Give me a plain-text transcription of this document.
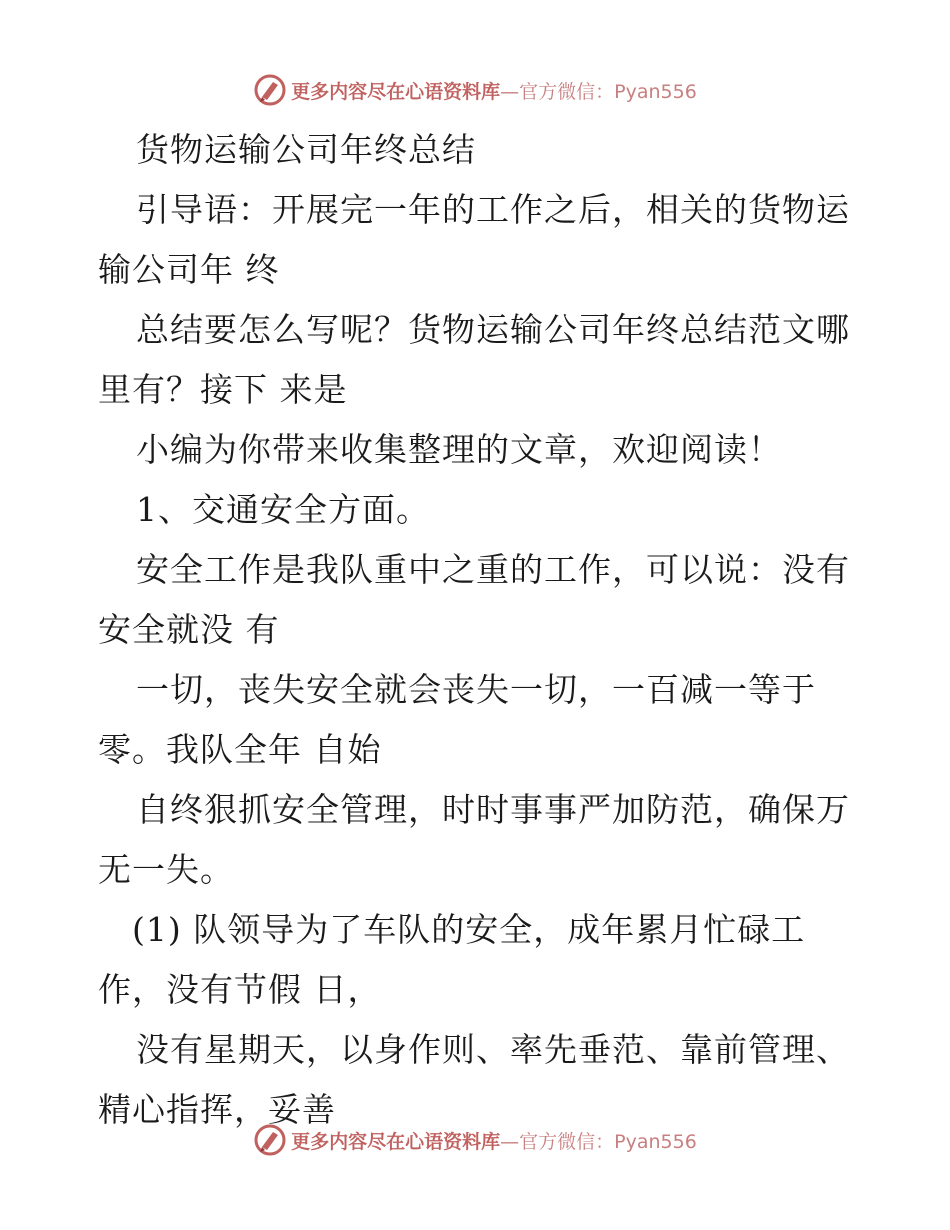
更多内容尽在心语资料库—官方微信：Pyan556
货物运输公司年终总结
引导语：开展完一年的工作之后，相关的货物运
输公司年 终
总结要怎么写呢？货物运输公司年终总结范文哪
里有？接下 来是
小编为你带来收集整理的文章，欢迎阅读！
1、交通安全方面。
安全工作是我队重中之重的工作，可以说：没有
安全就没 有
一切，丧失安全就会丧失一切，一百减一等于
零。我队全年 自始
自终狠抓安全管理，时时事事严加防范，确保万
无一失。
(1) 队领导为了车队的安全，成年累月忙碌工
作，没有节假 日，
没有星期天，以身作则、率先垂范、靠前管理、
精心指挥，妥善
更多内容尽在心语资料库—官方微信：Pyan556
